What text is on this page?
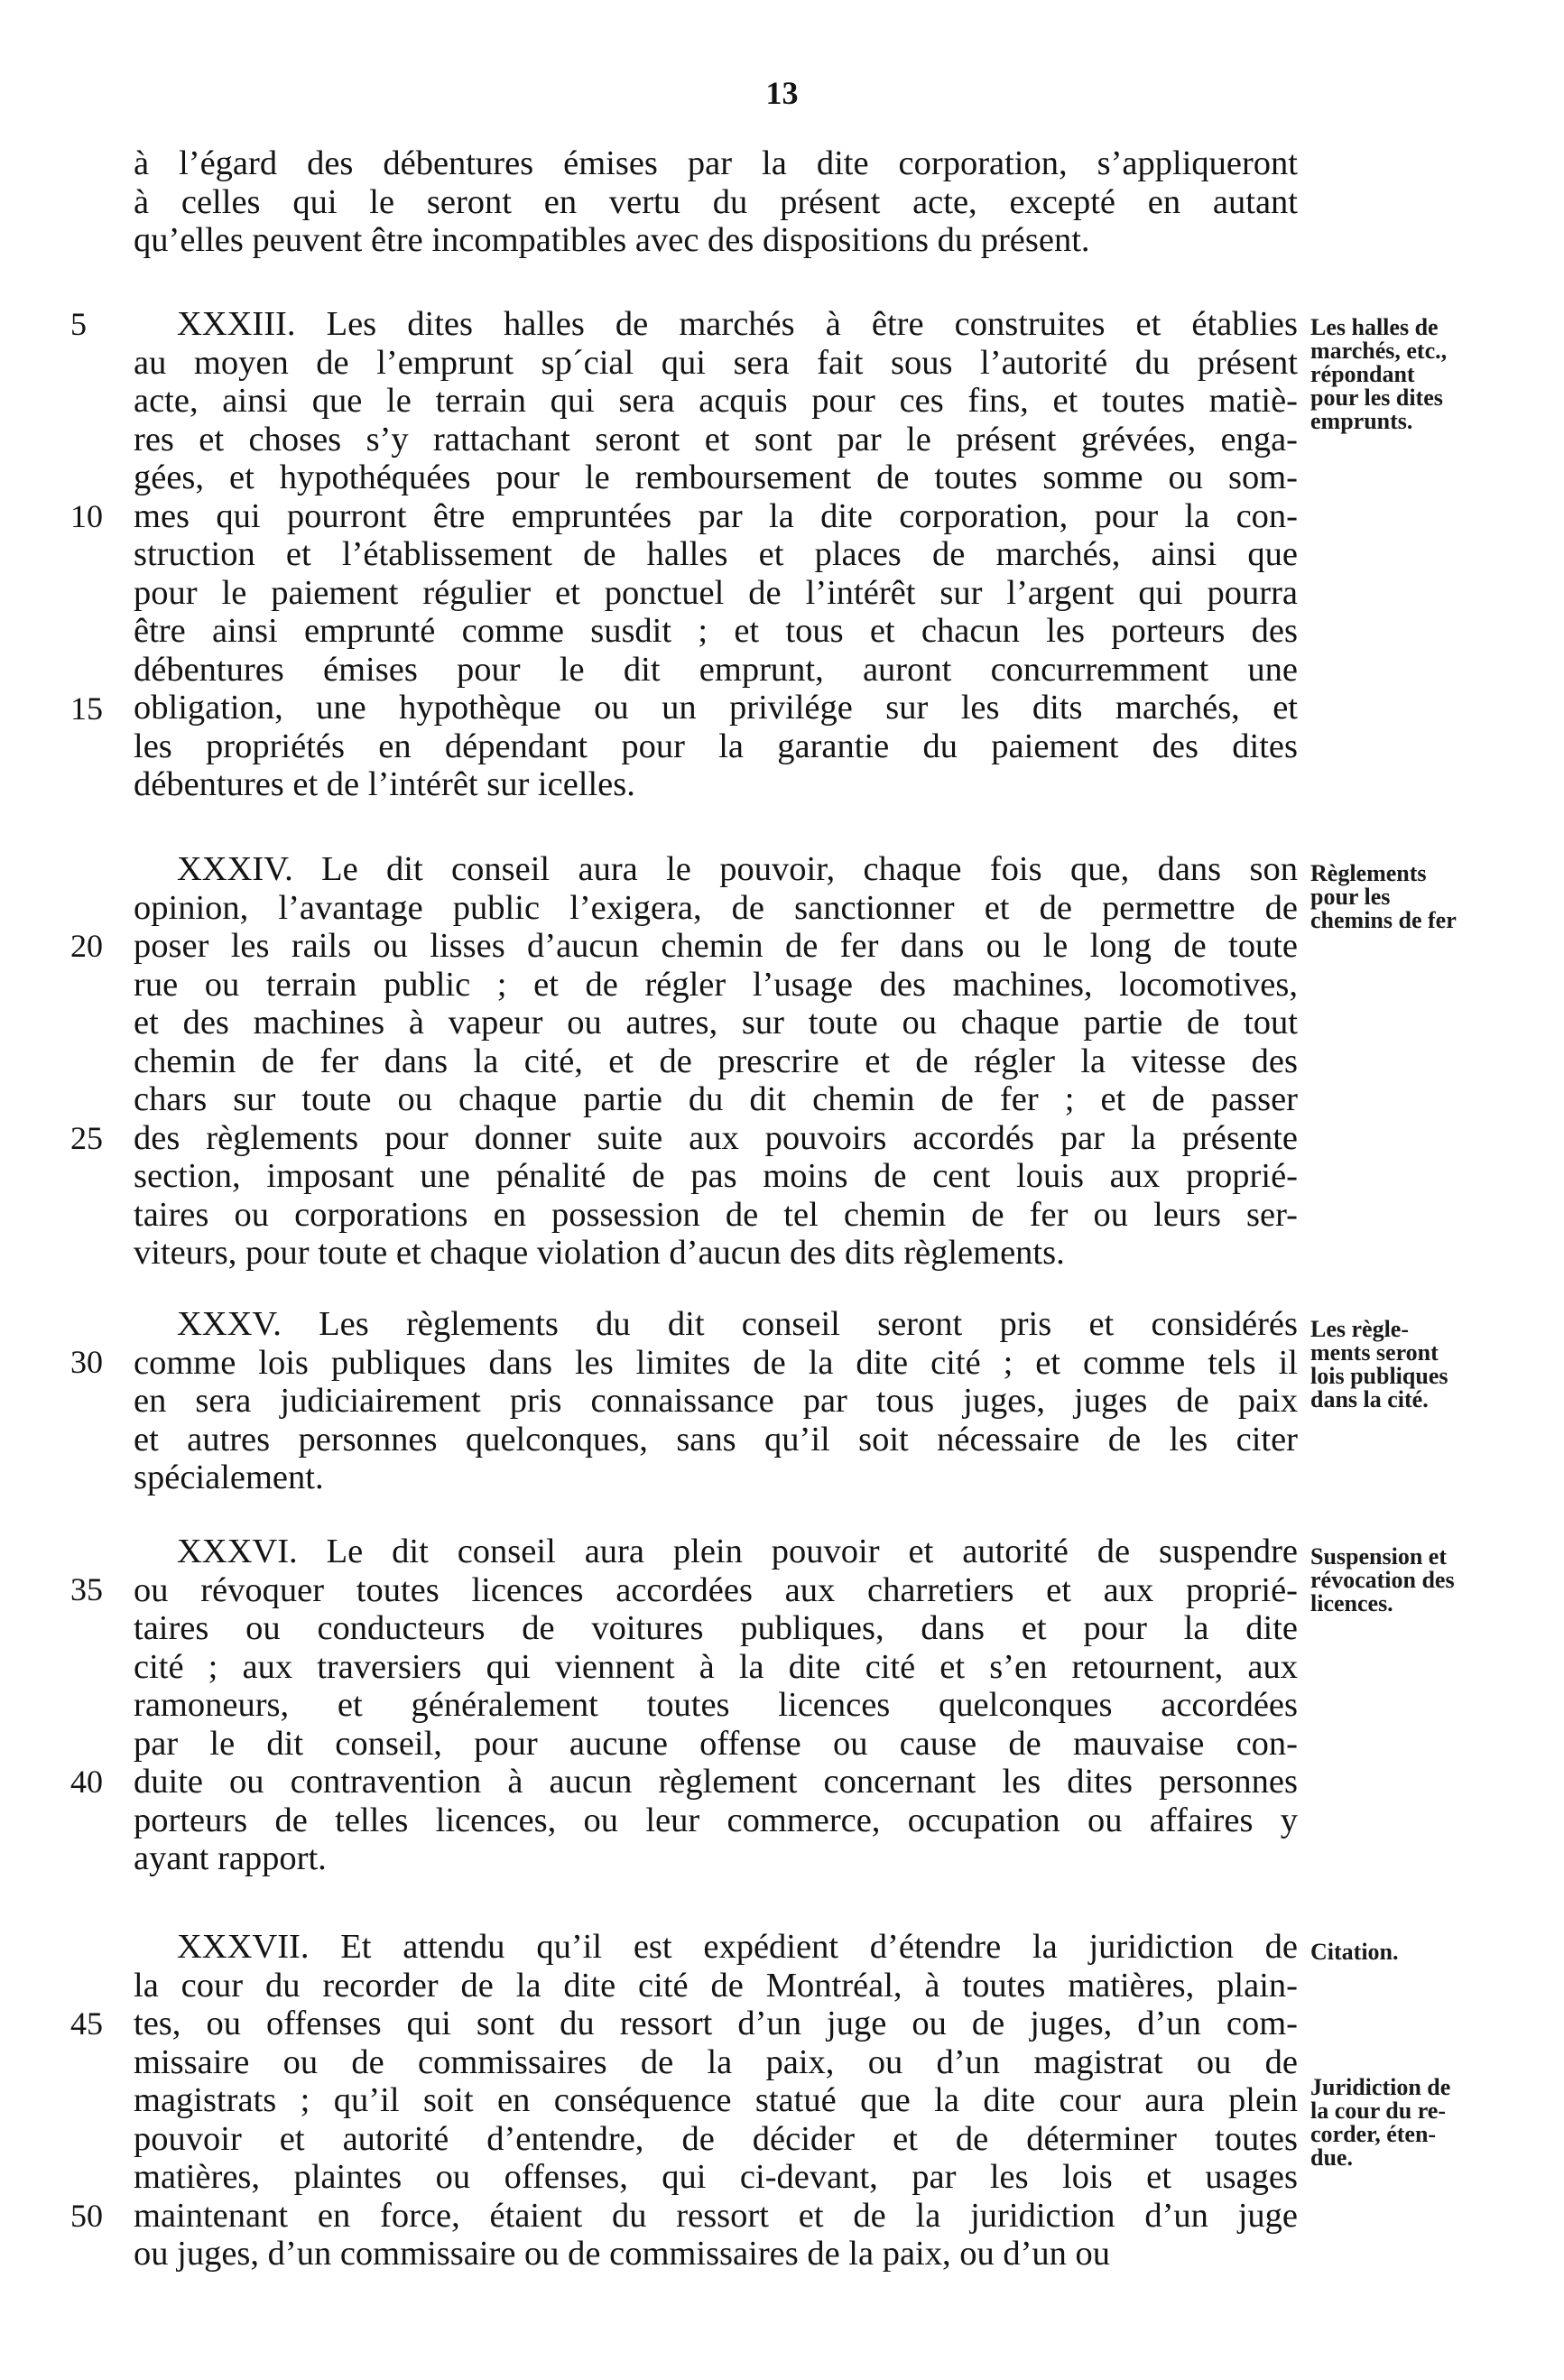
13
à l’égard des débentures émises par la dite corporation, s’appliqueront
à celles qui le seront en vertu du présent acte, excepté en autant
qu’elles peuvent être incompatibles avec des dispositions du présent.
XXXIII. Les dites halles de marchés à être construites et établies
au moyen de l’emprunt sp´cial qui sera fait sous l’autorité du présent
acte, ainsi que le terrain qui sera acquis pour ces fins, et toutes matiè-
res et choses s’y rattachant seront et sont par le présent grévées, enga-
gées, et hypothéquées pour le remboursement de toutes somme ou som-
mes qui pourront être empruntées par la dite corporation, pour la con-
struction et l’établissement de halles et places de marchés, ainsi que
pour le paiement régulier et ponctuel de l’intérêt sur l’argent qui pourra
être ainsi emprunté comme susdit ; et tous et chacun les porteurs des
débentures émises pour le dit emprunt, auront concurremment une
obligation, une hypothèque ou un privilége sur les dits marchés, et
les propriétés en dépendant pour la garantie du paiement des dites
débentures et de l’intérêt sur icelles.
XXXIV. Le dit conseil aura le pouvoir, chaque fois que, dans son
opinion, l’avantage public l’exigera, de sanctionner et de permettre de
poser les rails ou lisses d’aucun chemin de fer dans ou le long de toute
rue ou terrain public ; et de régler l’usage des machines, locomotives,
et des machines à vapeur ou autres, sur toute ou chaque partie de tout
chemin de fer dans la cité, et de prescrire et de régler la vitesse des
chars sur toute ou chaque partie du dit chemin de fer ; et de passer
des règlements pour donner suite aux pouvoirs accordés par la présente
section, imposant une pénalité de pas moins de cent louis aux proprié-
taires ou corporations en possession de tel chemin de fer ou leurs ser-
viteurs, pour toute et chaque violation d’aucun des dits règlements.
XXXV. Les règlements du dit conseil seront pris et considérés
comme lois publiques dans les limites de la dite cité ; et comme tels il
en sera judiciairement pris connaissance par tous juges, juges de paix
et autres personnes quelconques, sans qu’il soit nécessaire de les citer
spécialement.
XXXVI. Le dit conseil aura plein pouvoir et autorité de suspendre
ou révoquer toutes licences accordées aux charretiers et aux proprié-
taires ou conducteurs de voitures publiques, dans et pour la dite
cité ; aux traversiers qui viennent à la dite cité et s’en retournent, aux
ramoneurs, et généralement toutes licences quelconques accordées
par le dit conseil, pour aucune offense ou cause de mauvaise con-
duite ou contravention à aucun règlement concernant les dites personnes
porteurs de telles licences, ou leur commerce, occupation ou affaires y
ayant rapport.
XXXVII. Et attendu qu’il est expédient d’étendre la juridiction de
la cour du recorder de la dite cité de Montréal, à toutes matières, plain-
tes, ou offenses qui sont du ressort d’un juge ou de juges, d’un com-
missaire ou de commissaires de la paix, ou d’un magistrat ou de
magistrats ; qu’il soit en conséquence statué que la dite cour aura plein
pouvoir et autorité d’entendre, de décider et de déterminer toutes
matières, plaintes ou offenses, qui ci-devant, par les lois et usages
maintenant en force, étaient du ressort et de la juridiction d’un juge
ou juges, d’un commissaire ou de commissaires de la paix, ou d’un ou
5
10
15
20
25
30
35
40
45
50
Les halles de
marchés, etc.,
répondant
pour les dites
emprunts.
Règlements
pour les
chemins de fer
Les règle-
ments seront
lois publiques
dans la cité.
Suspension et
révocation des
licences.
Citation.
Juridiction de
la cour du re-
corder, éten-
due.
